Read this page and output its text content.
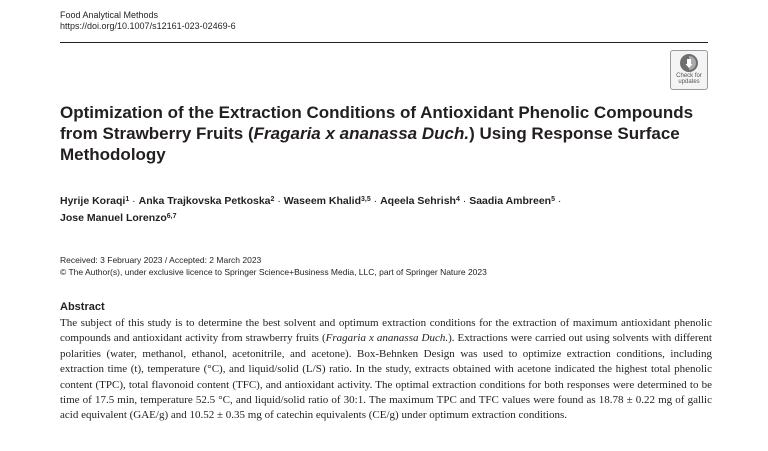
Food Analytical Methods
https://doi.org/10.1007/s12161-023-02469-6
Check for
updates
Optimization of the Extraction Conditions of Antioxidant Phenolic Compounds from Strawberry Fruits (Fragaria x ananassa Duch.) Using Response Surface Methodology
Hyrije Koraqi$^1$ · Anka Trajkovska Petkoska$^2$ · Waseem Khalid$^{3,5}$ · Aqeela Sehrish$^4$ · Saadia Ambreen$^5$ ·
Jose Manuel Lorenzo$^{6,7}$
Received: 3 February 2023 / Accepted: 2 March 2023
© The Author(s), under exclusive licence to Springer Science+Business Media, LLC, part of Springer Nature 2023
Abstract

The subject of this study is to determine the best solvent and optimum extraction conditions for the extraction of maximum antioxidant phenolic compounds and antioxidant activity from strawberry fruits (Fragaria x ananassa Duch.). Extractions were carried out using solvents with different polarities (water, methanol, ethanol, acetonitrile, and acetone). Box-Behnken Design was used to optimize extraction conditions, including extraction time (t), temperature (°C), and liquid/solid (L/S) ratio. In the study, extracts obtained with acetone indicated the highest total phenolic content (TPC), total flavonoid content (TFC), and antioxidant activity. The optimal extraction conditions for both responses were determined to be time of 17.5 min, temperature 52.5 °C, and liquid/solid ratio of 30:1. The maximum TPC and TFC values were found as 18.78 ± 0.22 mg of gallic acid equivalent (GAE/g) and 10.52 ± 0.35 mg of catechin equivalents (CE/g) under optimum extraction conditions.
